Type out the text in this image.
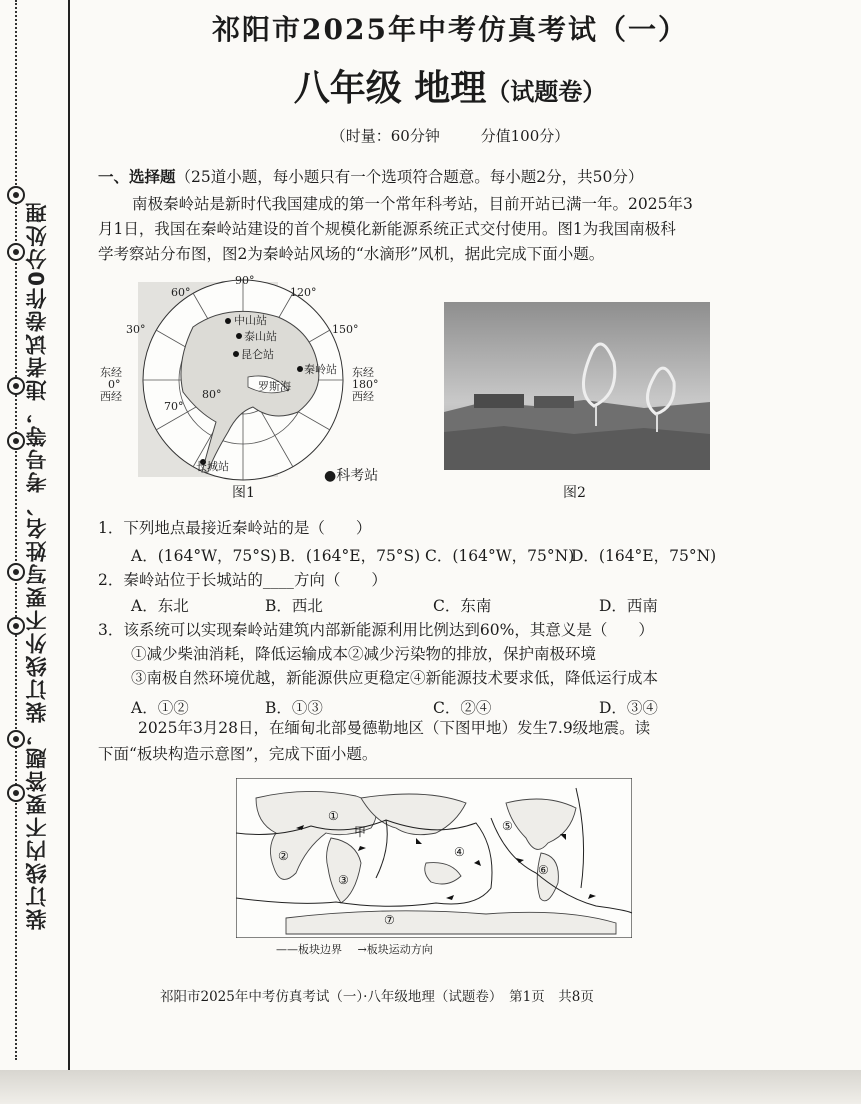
装订线内不要答题，装订线外不要写姓名、考号等，违者试卷作0分处理
祁阳市2025年中考仿真考试（一）
八年级 地理（试题卷）
（时量：60分钟	分值100分）
一、选择题（25道小题，每小题只有一个选项符合题意。每小题2分，共50分）
南极秦岭站是新时代我国建成的第一个常年科考站，目前开站已满一年。2025年3
月1日，我国在秦岭站建设的首个规模化新能源系统正式交付使用。图1为我国南极科
学考察站分布图，图2为秦岭站风场的“水滴形”风机，据此完成下面小题。
90°
60°	120°
30°	150°
东经
0°
西经
东经
180°
西经
80°
70°
中山站
泰山站
昆仑站
秦岭站
罗斯海
长城站
●科考站
图1	图2
1．下列地点最接近秦岭站的是（　　）
A．(164°W，75°S) B．(164°E，75°S) C．(164°W，75°N)
D．(164°E，75°N)
2．秦岭站位于长城站的____方向（　　）
A．东北	B．西北	C．东南	D．西南
3．该系统可以实现秦岭站建筑内部新能源利用比例达到60%，其意义是（　　）
①减少柴油消耗，降低运输成本②减少污染物的排放，保护南极环境
③南极自然环境优越，新能源供应更稳定④新能源技术要求低，降低运行成本
A．①②	B．①③	C．②④	D．③④
2025年3月28日，在缅甸北部曼德勒地区（下图甲地）发生7.9级地震。读
下面“板块构造示意图”，完成下面小题。
①
②
③
④
⑤
⑥
⑦
甲
——板块边界 →板块运动方向
祁阳市2025年中考仿真考试（一）·八年级地理（试题卷）　第1页　共8页
